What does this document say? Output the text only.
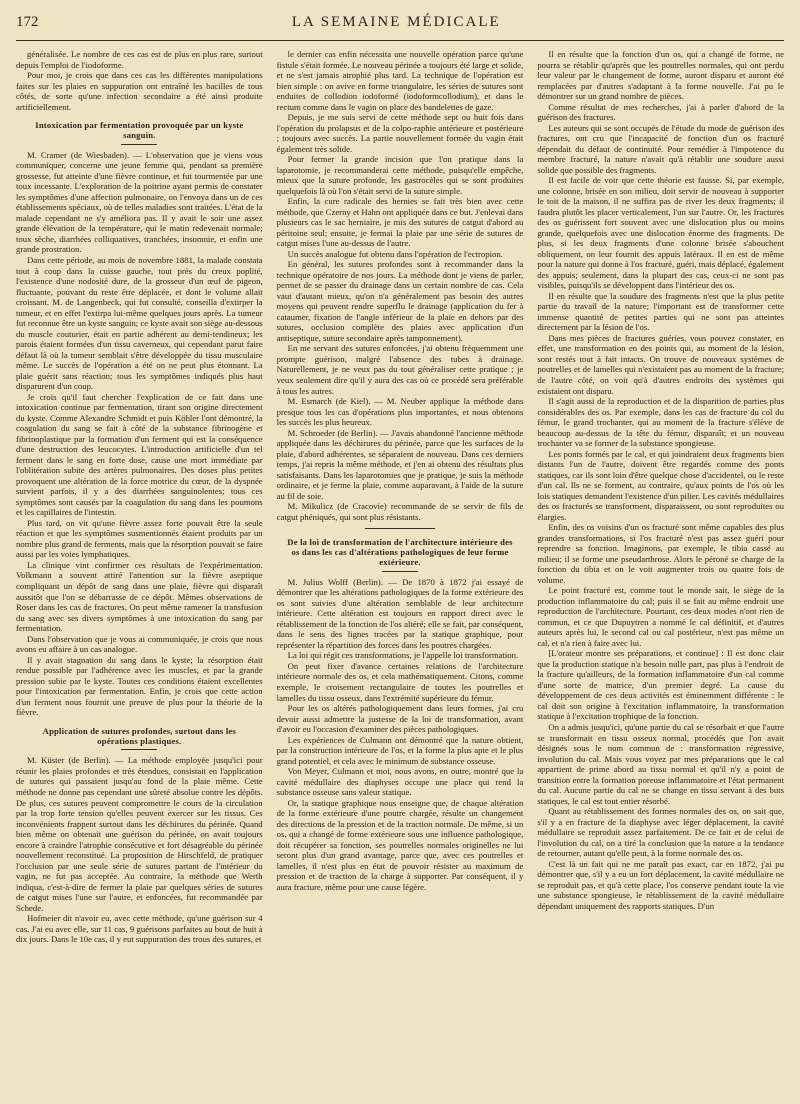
172	LA SEMAINE MÉDICALE

généralisée. Le nombre de ces cas est de plus en plus rare, surtout depuis l'emploi de l'iodoforme.

Pour moi, je crois que dans ces cas les différentes manipulations faites sur les plaies en suppuration ont entraîné les bacilles de tous côtés, de sorte qu'une infection secondaire a été ainsi produite artificiellement.

Intoxication par fermentation provoquée par un kyste sanguin.

M. Cramer (de Wiesbaden). — L'observation que je viens vous communiquer, concerne une jeune femme qui, pendant sa première grossesse, fut atteinte d'une fièvre continue, et fut tourmentée par une toux incessante. L'exploration de la poitrine ayant permis de constater les symptômes d'une affection pulmonaire, on l'envoya dans un de ces établissements spéciaux, où de telles maladies sont traitées. L'état de la malade cependant ne s'y améliora pas. Il y avait le soir une assez grande élévation de la température, qui le matin redevenait normale; toux sèche, diarrhées colliquatives, tranchées, insomnie, et enfin une grande prostration.

Dans cette période, au mois de novembre 1881, la malade constata tout à coup dans la cuisse gauche, tout près du creux poplité, l'existence d'une nodosité dure, de la grosseur d'un œuf de pigeon, fluctuante, pouvant du reste être déplacée, et dont le volume allait croissant. M. de Langenbeck, qui fut consulté, conseilla d'extirper la tumeur, et en effet l'extirpa lui-même quelques jours après. La tumeur fut reconnue être un kyste sanguin; ce kyste avait son siège au-dessous du muscle couturier, était en partie adhérent au demi-tendineux; les parois étaient formées d'un tissu caverneux, qui cependant parut faire défaut là où la tumeur semblait s'être développée du tissu musculaire même. Le succès de l'opération a été on ne peut plus étonnant. La plaie guérit sans réaction; tous les symptômes indiqués plus haut disparurent d'un coup.

Je crois qu'il faut chercher l'explication de ce fait dans une intoxication continue par fermentation, tirant son origine directement du kyste. Comme Alexandre Schmidt et puis Köhler l'ont démontré, la coagulation du sang se fait à côté de la substance fibrinogène et fibrinoplastique par la formation d'un ferment qui est la conséquence d'une destruction des leucocytes. L'introduction artificielle d'un tel ferment dans le sang en forte dose, cause une mort immédiate par l'oblitération subite des artères pulmonaires. Des doses plus petites provoquent une altération de la force motrice du cœur, de la dyspnée survient parfois, il y a des diarrhées sanguinolentes; tous ces symptômes sont causés par la coagulation du sang dans les poumons et les capillaires de l'intestin.

Plus tard, on vit qu'une fièvre assez forte pouvait être la seule réaction et que les symptômes susmentionnés étaient produits par un nombre plus grand de ferments, mais que la résorption pouvait se faire aussi par les voies lymphatiques.

La clinique vint confirmer ces résultats de l'expérimentation. Volkmann a souvent attiré l'attention sur la fièvre aseptique compliquant un dépôt de sang dans une plaie, fièvre qui disparaît aussitôt que l'on se débarrasse de ce dépôt. Mêmes observations de Roser dans les cas de fractures. On peut même ramener la transfusion du sang avec ses divers symptômes à une intoxication du sang par fermentation.

Dans l'observation que je vous ai communiquée, je crois que nous avons eu affaire à un cas analogue.

Il y avait stagnation du sang dans le kyste; la résorption était rendue possible par l'adhérence avec les muscles, et par la grande pression subie par le kyste. Toutes ces conditions étaient excellentes pour l'intoxication par fermentation. Enfin, je crois que cette action d'un ferment nous fournit une preuve de plus pour la théorie de la fièvre.

Application de sutures profondes, surtout dans les opérations plastiques.

M. Küster (de Berlin). — La méthode employée jusqu'ici pour réunir les plaies profondes et très étendues, consistait en l'application de sutures qui passaient jusqu'au fond de la plaie même. Cette méthode ne donne pas cependant une sûreté absolue contre les dépôts. De plus, ces sutures peuvent compromettre le cours de la circulation par la trop forte tension qu'elles peuvent exercer sur les tissus. Ces inconvénients frappent surtout dans les déchirures du périnée. Quand bien même on obtenait une guérison du périnée, on avait toujours encore à craindre l'atrophie consécutive et fort désagréable du périnée nouvellement reconstitué. La proposition de Hirschfeld, de pratiquer l'occlusion par une seule série de sutures partant de l'intérieur du vagin, ne fut pas acceptée. Au contraire, la méthode que Werth indiqua, c'est-à-dire de fermer la plaie par quelques séries de sutures de catgut mises l'une sur l'autre, et enfoncées, fut recommandée par Schede.

Hofmeier dit n'avoir eu, avec cette méthode, qu'une guérison sur 4 cas. J'ai eu avec elle, sur 11 cas, 9 guérisons parfaites au bout de huit à dix jours. Dans le 10e cas, il y eut suppuration des trous des sutures, et

le dernier cas enfin nécessita une nouvelle opération parce qu'une fistule s'était formée. Le nouveau périnée a toujours été large et solide, et ne s'est jamais atrophié plus tard. La technique de l'opération est bien simple : on avive en forme triangulaire, les séries de sutures sont enduites de collodion iodoformé (iodoformcollodium), et dans le rectum comme dans le vagin on place des bandelettes de gaze.

Depuis, je me suis servi de cette méthode sept ou huit fois dans l'opération du prolapsus et de la colpo-raphie antérieure et postérieure ; toujours avec succès. La partie nouvellement formée du vagin était également très solide.

Pour fermer la grande incision que l'on pratique dans la laparotomie, je recommanderai cette méthode, puisqu'elle empêche, mieux que la suture profonde, les gastrocèles qui se sont produites quelquefois là où l'on s'était servi de la suture simple.

Enfin, la cure radicale des hernies se fait très bien avec cette méthode, que Czerny et Hahn ont appliquée dans ce but. J'enlevai dans plusieurs cas le sac herniaire, je mis des sutures de catgut d'abord au péritoine seul; ensuite, je fermai la plaie par une série de sutures de catgut mises l'une au-dessus de l'autre.

Un succès analogue fut obtenu dans l'opération de l'ectropion.

En général, les sutures profondes sont à recommander dans la technique opératoire de nos jours. La méthode dont je viens de parler, permet de se passer du drainage dans un certain nombre de cas. Cela vaut d'autant mieux, qu'on n'a généralement pas besoin des autres moyens qui peuvent rendre superflu le drainage (application du fer à cataumer, fixation de l'angle inférieur de la plaie en dehors par des sutures, occlusion complète des plaies avec application d'un antiseptique, suture secondaire après tamponnement).

En me servant des sutures enfoncées, j'ai obtenu fréquemment une prompte guérison, malgré l'absence des tubes à drainage. Naturellement, je ne veux pas du tout généraliser cette pratique ; je veux seulement dire qu'il y aura des cas où ce procédé sera préférable à tous les autres.

M. Esmarch (de Kiel). — M. Neuber applique la méthode dans presque tous les cas d'opérations plus importantes, et nous obtenons les succès les plus heureux.

M. Schroeder (de Berlin). — J'avais abandonné l'ancienne méthode appliquée dans les déchirures du périnée, parce que les surfaces de la plaie, d'abord adhérentes, se séparaient de nouveau. Dans ces derniers temps, j'ai repris la même méthode, et j'en ai obtenu des résultats plus satisfaisants. Dans les laparotomies que je pratique, je suis la méthode ordinaire, et je ferme la plaie, comme auparavant, à l'aide de la suture au fil de soie.

M. Mikulicz (de Cracovie) recommande de se servir de fils de catgut phéniqués, qui sont plus résistants.

De la loi de transformation de l'architecture intérieure des os dans les cas d'altérations pathologiques de leur forme extérieure.

M. Julius Wolff (Berlin). — De 1870 à 1872 j'ai essayé de démontrer que les altérations pathologiques de la forme extérieure des os sont suivies d'une altération semblable de leur architecture intérieure. Cette altération est toujours en rapport direct avec le rétablissement de la fonction de l'os altéré; elle se fait, par conséquent, dans le sens des lignes tracées par la statique graphique, pour représenter la répartition des forces dans les poutres chargées.

La loi qui régit ces transformations, je l'appelle loi transformation.

On peut fixer d'avance certaines relations de l'architecture intérieure normale des os, et cela mathématiquement. Citons, comme exemple, le croisement rectangulaire de toutes les poutrelles et lamelles du tissu osseux, dans l'extrémité supérieure du fémur.

Pour les os altérés pathologiquement dans leurs formes, j'ai cru devoir aussi admettre la justesse de la loi de transformation, avant d'avoir eu l'occasion d'examiner des pièces pathologiques.

Les expériences de Culmann ont démontré que la nature obtient, par la construction intérieure de l'os, et la forme la plus apte et le plus grand potentiel, et cela avec le minimum de substance osseuse.

Von Meyer, Culmann et moi, nous avons, en outre, montré que la cavité médullaire des diaphyses occupe une place qui rend la substance osseuse sans valeur statique.

Or, la statique graphique nous enseigne que, de chaque altération de la forme extérieure d'une poutre chargée, résulte un changement des directions de la pression et de la traction normale. De même, si un os, qui a changé de forme extérieure sous une influence pathologique, doit récupérer sa fonction, ses poutrelles normales originelles ne lui seront plus d'un grand avantage, parce que, avec ces poutrelles et lamelles, il n'est plus en état de pouvoir résister au maximum de pression et de traction de la charge à supporter. Par conséquent, il y aura fracture, même pour une cause légère.

Il en résulte que la fonction d'un os, qui a changé de forme, ne pourra se rétablir qu'après que les poutrelles normales, qui ont perdu leur valeur par le changement de forme, auront disparu et auront été remplacées par d'autres s'adaptant à la forme nouvelle. J'ai pu le démontrer sur un grand nombre de pièces.

Comme résultat de mes recherches, j'ai à parler d'abord de la guérison des fractures.

Les auteurs qui se sont occupés de l'étude du mode de guérison des fractures, ont cru que l'incapacité de fonction d'un os fracturé dépendait du défaut de continuité. Pour remédier à l'impotence du membre fracturé, la nature n'avait qu'à rétablir une soudure aussi solide que possible des fragments.

Il est facile de voir que cette théorie est fausse. Si, par exemple, une colonne, brisée en son milieu, doit servir de nouveau à supporter le toit de la maison, il ne suffira pas de river les deux fragments; il faudra plutôt les placer verticalement, l'un sur l'autre. Or, les fractures des os guérissent fort souvent avec une dislocation plus ou moins grande, quelquefois avec une dislocation énorme des fragments. De plus, si les deux fragments d'une colonne brisée s'abouchent obliquement, on leur fournit des appuis latéraux. Il en est de même pour la nature qui donne à l'os fracturé, guéri, mais déplacé, également des appuis; seulement, dans la plupart des cas, ceux-ci ne sont pas visibles, puisqu'ils se développent dans l'intérieur des os.

Il en résulte que la soudure des fragments n'est que la plus petite partie du travail de la nature; l'important est de transformer cette immense quantité de petites parties qui ne sont pas atteintes directement par la lésion de l'os.

Dans mes pièces de fractures guéries, vous pouvez constater, en effet, une transformation en des points qui, au moment de la lésion, sont restés tout à fait intacts. On trouve de nouveaux systèmes de poutrelles et de lamelles qui n'existaient pas au moment de la fracture; de l'autre côté, on voit qu'à d'autres endroits des systèmes qui existaient ont disparu.

Il s'agit aussi de la reproduction et de la disparition de parties plus considérables des os. Par exemple, dans les cas de fracture du col du fémur, le grand trochanter, qui au moment de la fracture s'élève de beaucoup au-dessus de la tête du fémur, disparaît; et un nouveau trochanter va se former de la substance spongieuse.

Les ponts formés par le cal, et qui joindraient deux fragments bien distants l'un de l'autre, doivent être regardés comme des ponts statiques, car ils sont loin d'être quelque chose d'accidentel, ou le reste d'un cal. Ils ne se forment, au contraire, qu'aux points de l'os où les lois statiques demandent l'existence d'un pilier. Les cavités médullaires des os fracturés se transforment, disparaissent, ou sont reproduites ou élargies.

Enfin, des os voisins d'un os fracturé sont même capables des plus grandes transformations, si l'os fracturé n'est pas assez guéri pour reprendre sa fonction. Imaginons, par exemple, le tibia cassé au milieu; il se forme une pseudarthrose. Alors le péroné se charge de la fonction du tibia et on le voit augmenter trois ou quatre fois de volume.

Le point fracturé est, comme tout le monde sait, le siège de la production inflammatoire du cal; puis il se fait au même endroit une reproduction de l'architecture. Pourtant, ces deux modes n'ont rien de commun, et ce que Dupuytren a nommé le cal définitif, et d'autres auteurs après lui, le second cal ou cal postérieur, n'est pas même un cal, et n'a rien à faire avec lui.

[L'orateur montre ses préparations, et continue] : Il est donc clair que la production statique n'a besoin nulle part, pas plus à l'endroit de la fracture qu'ailleurs, de la formation inflammatoire d'un cal comme d'une sorte de matrice, d'un premier degré. La cause du développement de ces deux activités est éminemment différente : le cal doit son origine à l'excitation inflammatoire, la transformation statique à l'excitation trophique de la fonction.

On a admis jusqu'ici, qu'une partie du cal se résorbait et que l'autre se transformait en tissu osseux normal, procédés que l'on avait désignés sous le nom commun de : transformation régressive, involution du cal. Mais vous voyez par mes préparations que le cal appartient de prime abord au tissu normal et qu'il n'y a point de transition entre la formation poreuse inflammatoire et l'état permanent du cal. Aucune partie du cal ne se change en tissu servant à des buts statiques, le cal est tout entier résorbé.

Quant au rétablissement des formes normales des os, on sait que, s'il y a en fracture de la diaphyse avec léger déplacement, la cavité médullaire se reproduit assez parfaitement. De ce fait et de celui de l'involution du cal, on a tiré la conclusion que la nature a la tendance de retourner, autant qu'elle peut, à la forme normale des os.

C'est là un fait qui ne me paraît pas exact, car en 1872, j'ai pu démontrer que, s'il y a eu un fort déplacement, la cavité médullaire ne se reproduit pas, et qu'à cette place, l'os conserve pendant toute la vie une substance spongieuse, le rétablissement de la cavité médullaire dépendant uniquement des rapports statiques. D'un
